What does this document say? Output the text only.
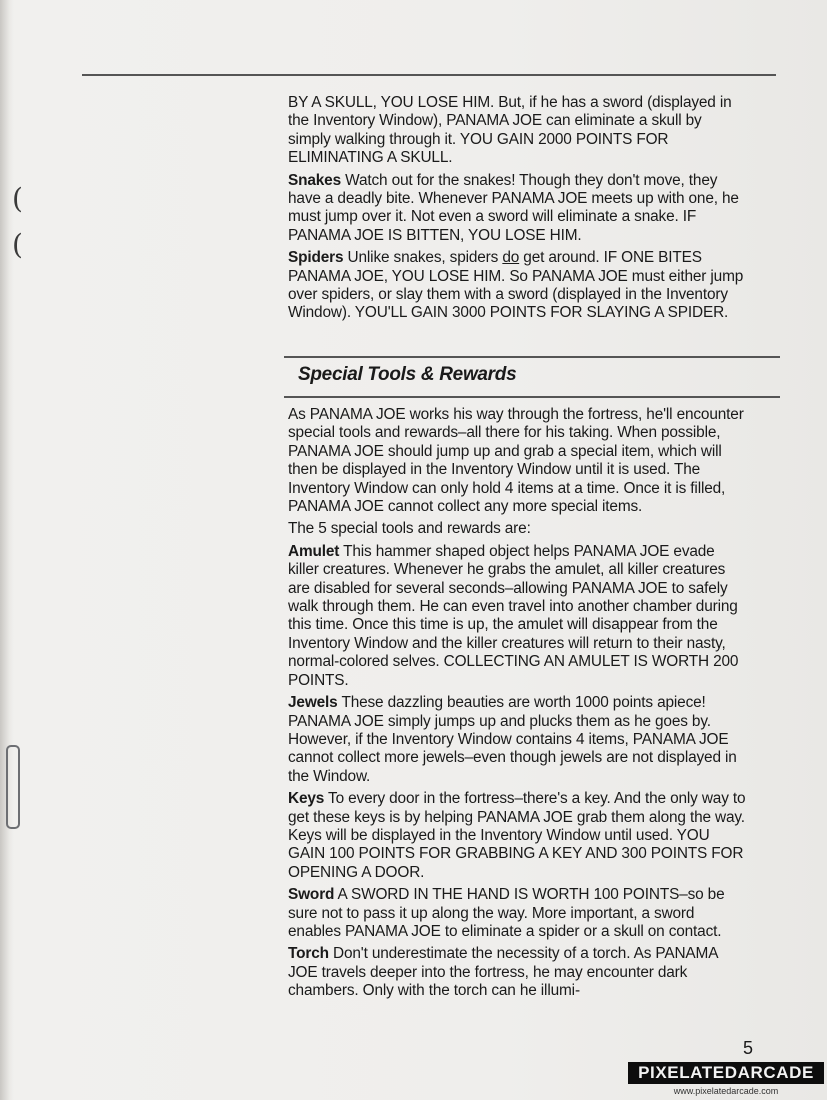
(
(

BY A SKULL, YOU LOSE HIM. But, if he has a sword (displayed in the Inventory Window), PANAMA JOE can eliminate a skull by simply walking through it. YOU GAIN 2000 POINTS FOR ELIMINATING A SKULL.

Snakes Watch out for the snakes! Though they don't move, they have a deadly bite. Whenever PANAMA JOE meets up with one, he must jump over it. Not even a sword will eliminate a snake. IF PANAMA JOE IS BITTEN, YOU LOSE HIM.

Spiders Unlike snakes, spiders do get around. IF ONE BITES PANAMA JOE, YOU LOSE HIM. So PANAMA JOE must either jump over spiders, or slay them with a sword (displayed in the Inventory Window). YOU'LL GAIN 3000 POINTS FOR SLAYING A SPIDER.

Special Tools & Rewards

As PANAMA JOE works his way through the fortress, he'll encounter special tools and rewards–all there for his taking. When possible, PANAMA JOE should jump up and grab a special item, which will then be displayed in the Inventory Window until it is used. The Inventory Window can only hold 4 items at a time. Once it is filled, PANAMA JOE cannot collect any more special items.

The 5 special tools and rewards are:

Amulet This hammer shaped object helps PANAMA JOE evade killer creatures. Whenever he grabs the amulet, all killer creatures are disabled for several seconds–allowing PANAMA JOE to safely walk through them. He can even travel into another chamber during this time. Once this time is up, the amulet will disappear from the Inventory Window and the killer creatures will return to their nasty, normal-colored selves. COLLECTING AN AMULET IS WORTH 200 POINTS.

Jewels These dazzling beauties are worth 1000 points apiece! PANAMA JOE simply jumps up and plucks them as he goes by. However, if the Inventory Window contains 4 items, PANAMA JOE cannot collect more jewels–even though jewels are not displayed in the Window.

Keys To every door in the fortress–there's a key. And the only way to get these keys is by helping PANAMA JOE grab them along the way. Keys will be displayed in the Inventory Window until used. YOU GAIN 100 POINTS FOR GRABBING A KEY AND 300 POINTS FOR OPENING A DOOR.

Sword A SWORD IN THE HAND IS WORTH 100 POINTS–so be sure not to pass it up along the way. More important, a sword enables PANAMA JOE to eliminate a spider or a skull on contact.

Torch Don't underestimate the necessity of a torch. As PANAMA JOE travels deeper into the fortress, he may encounter dark chambers. Only with the torch can he illumi-

5
PIXELATEDARCADE
www.pixelatedarcade.com
